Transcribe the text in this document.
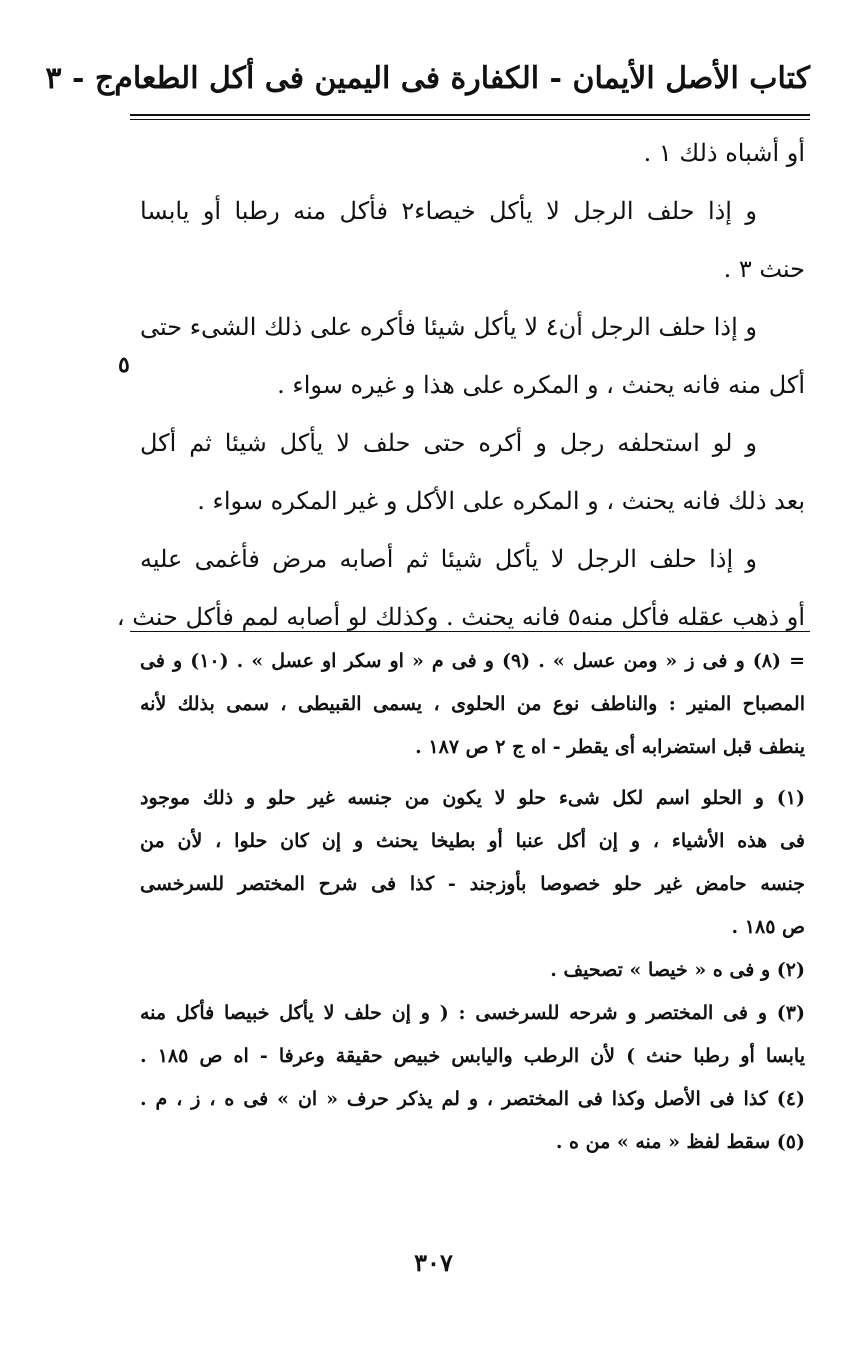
كتاب الأصل الأيمان - الكفارة فى اليمين فى أكل الطعام
ج - ٣
أو أشباه ذلك ١ .
و إذا حلف الرجل لا يأكل خيصاء٢ فأكل منه رطبا أو يابسا
حنث ٣ .
و إذا حلف الرجل أن٤ لا يأكل شيئا فأكره على ذلك الشىء حتى
أكل منه فانه يحنث ، و المكره على هذا و غيره سواء .
و لو استحلفه رجل و أكره حتى حلف لا يأكل شيئا ثم أكل
بعد ذلك فانه يحنث ، و المكره على الأكل و غير المكره سواء .
و إذا حلف الرجل لا يأكل شيئا ثم أصابه مرض فأغمى عليه
أو ذهب عقله فأكل منه٥ فانه يحنث . وكذلك لو أصابه لمم فأكل حنث ،
٥
= (٨) و فى ز « ومن عسل » . (٩) و فى م « او سكر او عسل » . (١٠) و فى
المصباح المنير : والناطف نوع من الحلوى ، يسمى القبيطى ، سمى بذلك لأنه
ينطف قبل استضرابه أى يقطر - اه ج ٢ ص ١٨٧ .
(١) و الحلو اسم لكل شىء حلو لا يكون من جنسه غير حلو و ذلك موجود
فى هذه الأشياء ، و إن أكل عنبا أو بطيخا يحنث و إن كان حلوا ، لأن من
جنسه حامض غير حلو خصوصا بأوزجند - كذا فى شرح المختصر للسرخسى
ص ١٨٥ .
(٢) و فى ه « خيصا » تصحيف .
(٣) و فى المختصر و شرحه للسرخسى : ( و إن حلف لا يأكل خبيصا فأكل منه
يابسا أو رطبا حنث ) لأن الرطب واليابس خبيص حقيقة وعرفا - اه ص ١٨٥ .
(٤) كذا فى الأصل وكذا فى المختصر ، و لم يذكر حرف « ان » فى ه ، ز ، م .
(٥) سقط لفظ « منه » من ه .
٣٠٧
